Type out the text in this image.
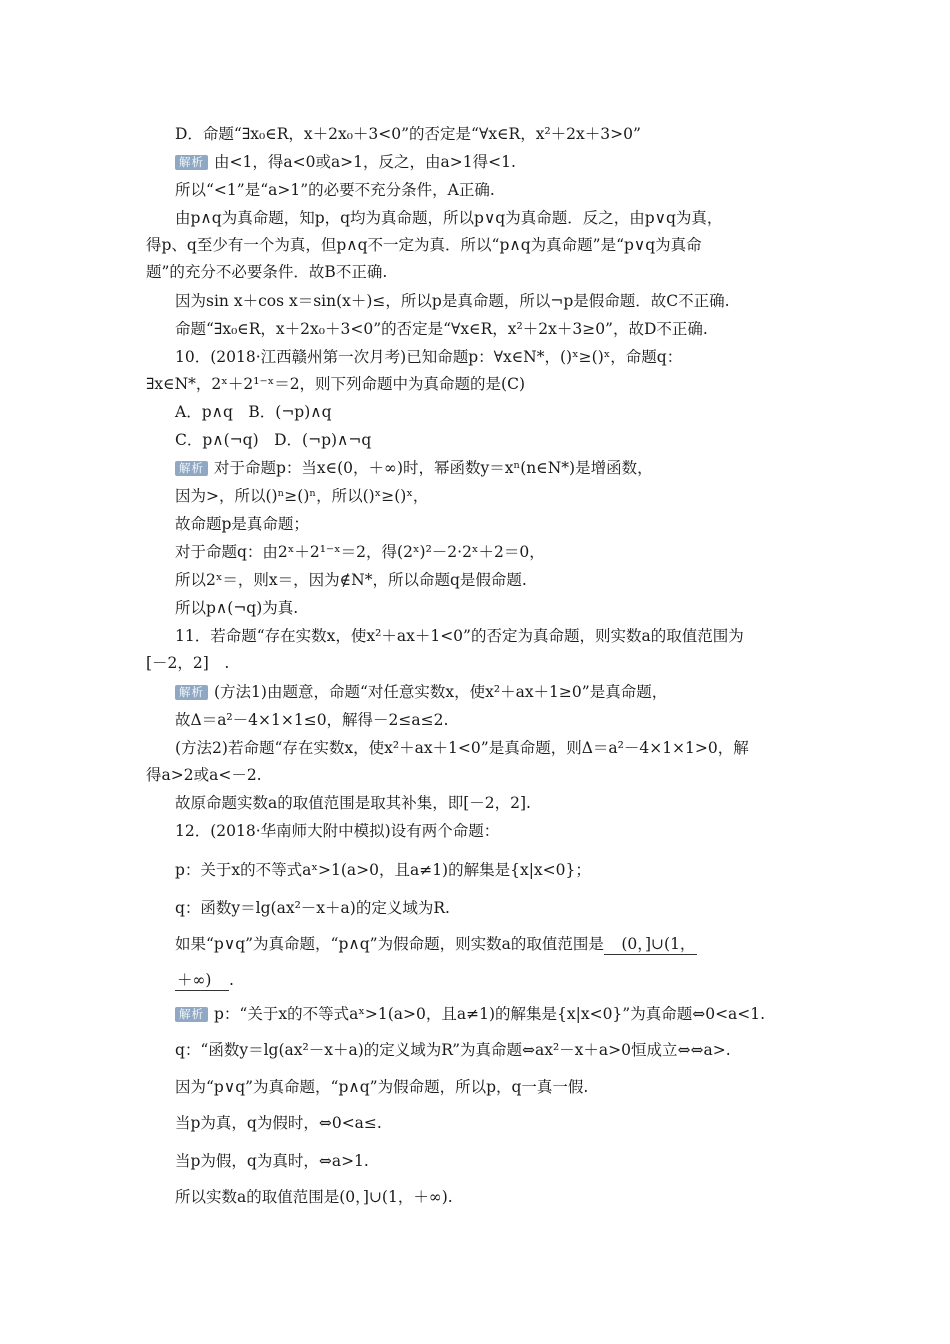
D．命题“∃x₀∈R，x＋2x₀＋3<0”的否定是“∀x∈R，x²＋2x＋3>0”
解析 由<1，得a<0或a>1，反之，由a>1得<1.
所以“<1”是“a>1”的必要不充分条件，A正确.
由p∧q为真命题，知p，q均为真命题，所以p∨q为真命题．反之，由p∨q为真，
得p、q至少有一个为真，但p∧q不一定为真．所以“p∧q为真命题”是“p∨q为真命
题”的充分不必要条件．故B不正确.
因为sin x＋cos x＝sin(x＋)≤，所以p是真命题，所以¬p是假命题．故C不正确.
命题“∃x₀∈R，x＋2x₀＋3<0”的否定是“∀x∈R，x²＋2x＋3≥0”，故D不正确.
10．(2018·江西赣州第一次月考)已知命题p：∀x∈N*，()ˣ≥()ˣ，命题q：
∃x∈N*，2ˣ＋2¹⁻ˣ＝2，则下列命题中为真命题的是(C)
A．p∧q　B．(¬p)∧q
C．p∧(¬q)　D．(¬p)∧¬q
解析 对于命题p：当x∈(0，＋∞)时，幂函数y＝xⁿ(n∈N*)是增函数，
因为>，所以()ⁿ≥()ⁿ，所以()ˣ≥()ˣ，
故命题p是真命题；
对于命题q：由2ˣ＋2¹⁻ˣ＝2，得(2ˣ)²－2·2ˣ＋2＝0，
所以2ˣ＝，则x＝，因为∉N*，所以命题q是假命题.
所以p∧(¬q)为真.
11．若命题“存在实数x，使x²＋ax＋1<0”的否定为真命题，则实数a的取值范围为
[－2，2]　.
解析 (方法1)由题意，命题“对任意实数x，使x²＋ax＋1≥0”是真命题，
故Δ＝a²－4×1×1≤0，解得－2≤a≤2.
(方法2)若命题“存在实数x，使x²＋ax＋1<0”是真命题，则Δ＝a²－4×1×1>0，解
得a>2或a<－2.
故原命题实数a的取值范围是取其补集，即[－2，2].
12．(2018·华南师大附中模拟)设有两个命题：
p：关于x的不等式aˣ>1(a>0，且a≠1)的解集是{x|x<0}；
q：函数y＝lg(ax²－x＋a)的定义域为R.
如果“p∨q”为真命题，“p∧q”为假命题，则实数a的取值范围是　(0，]∪(1，
＋∞)　.
解析 p：“关于x的不等式aˣ>1(a>0，且a≠1)的解集是{x|x<0}”为真命题⇔0<a<1.
q：“函数y＝lg(ax²－x＋a)的定义域为R”为真命题⇔ax²－x＋a>0恒成立⇔⇔a>.
因为“p∨q”为真命题，“p∧q”为假命题，所以p，q一真一假.
当p为真，q为假时，⇔0<a≤.
当p为假，q为真时，⇔a>1.
所以实数a的取值范围是(0，]∪(1，＋∞).
